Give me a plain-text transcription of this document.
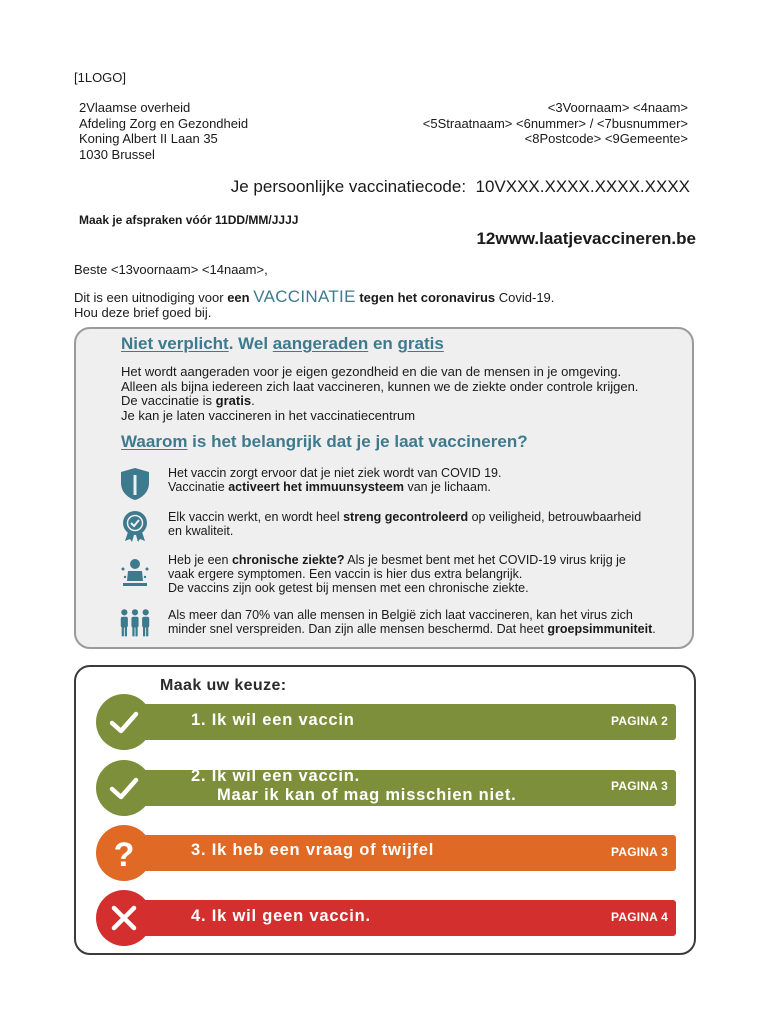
[1LOGO]
2Vlaamse overheid
Afdeling Zorg en Gezondheid
Koning Albert II Laan 35
1030 Brussel
<3Voornaam> <4naam>
<5Straatnaam> <6nummer> / <7busnummer>
<8Postcode> <9Gemeente>
Je persoonlijke vaccinatiecode:  10VXXX.XXXX.XXXX.XXXX
Maak je afspraken vóór 11DD/MM/JJJJ
12www.laatjevaccineren.be
Beste <13voornaam> <14naam>,
Dit is een uitnodiging voor een VACCINATIE tegen het coronavirus Covid-19.
Hou deze brief goed bij.
Niet verplicht. Wel aangeraden en gratis
Het wordt aangeraden voor je eigen gezondheid en die van de mensen in je omgeving.
Alleen als bijna iedereen zich laat vaccineren, kunnen we de ziekte onder controle krijgen.
De vaccinatie is gratis.
Je kan je laten vaccineren in het vaccinatiecentrum
Waarom is het belangrijk dat je je laat vaccineren?
Het vaccin zorgt ervoor dat je niet ziek wordt van COVID 19.
Vaccinatie activeert het immuunsysteem van je lichaam.
Elk vaccin werkt, en wordt heel streng gecontroleerd op veiligheid, betrouwbaarheid
en kwaliteit.
Heb je een chronische ziekte? Als je besmet bent met het COVID-19 virus krijg je
vaak ergere symptomen. Een vaccin is hier dus extra belangrijk.
De vaccins zijn ook getest bij mensen met een chronische ziekte.
Als meer dan 70% van alle mensen in België zich laat vaccineren, kan het virus zich
minder snel verspreiden. Dan zijn alle mensen beschermd. Dat heet groepsimmuniteit.
Maak uw keuze:
1. Ik wil een vaccin	PAGINA 2
2. Ik wil een vaccin.
Maar ik kan of mag misschien niet.	PAGINA 3
?	3. Ik heb een vraag of twijfel	PAGINA 3
4. Ik wil geen vaccin.	PAGINA 4
